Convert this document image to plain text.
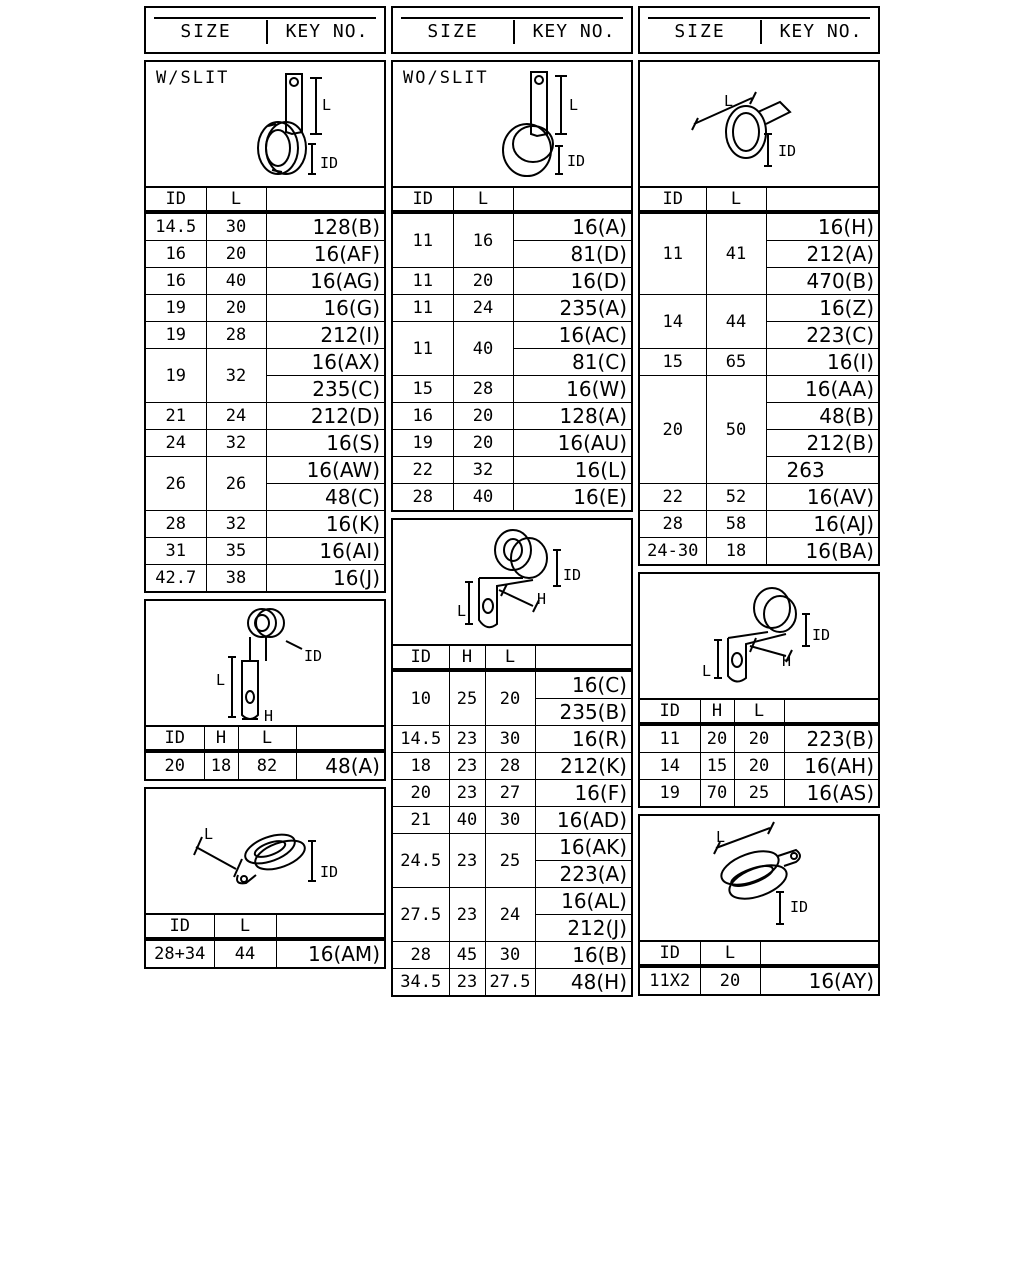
SIZE	KEY NO.
W/SLIT
L
ID
ID	L	
14.5	30	128(B)
16	20	16(AF)
16	40	16(AG)
19	20	16(G)
19	28	212(I)
19	32	16(AX)
		235(C)
21	24	212(D)
24	32	16(S)
26	26	16(AW)
		48(C)
28	32	16(K)
31	35	16(AI)
42.7	38	16(J)
L
ID
H
ID	H	L	
20	18	82	48(A)
L
ID
ID	L	
28+34	44	16(AM)
SIZE	KEY NO.
WO/SLIT
L
ID
ID	L	
11	16	16(A)
		81(D)
11	20	16(D)
11	24	235(A)
11	40	16(AC)
		81(C)
15	28	16(W)
16	20	128(A)
19	20	16(AU)
22	32	16(L)
28	40	16(E)
L
ID
H
ID	H	L	
10	25	20	16(C)
			235(B)
14.5	23	30	16(R)
18	23	28	212(K)
20	23	27	16(F)
21	40	30	16(AD)
24.5	23	25	16(AK)
			223(A)
27.5	23	24	16(AL)
			212(J)
28	45	30	16(B)
34.5	23	27.5	48(H)
SIZE	KEY NO.
L
ID
ID	L	
11	41	16(H)
		212(A)
		470(B)
14	44	16(Z)
		223(C)
15	65	16(I)
20	50	16(AA)
		48(B)
		212(B)
		263
22	52	16(AV)
28	58	16(AJ)
24-30	18	16(BA)
L
ID
H
ID	H	L	
11	20	20	223(B)
14	15	20	16(AH)
19	70	25	16(AS)
L
ID
ID	L	
11X2	20	16(AY)
